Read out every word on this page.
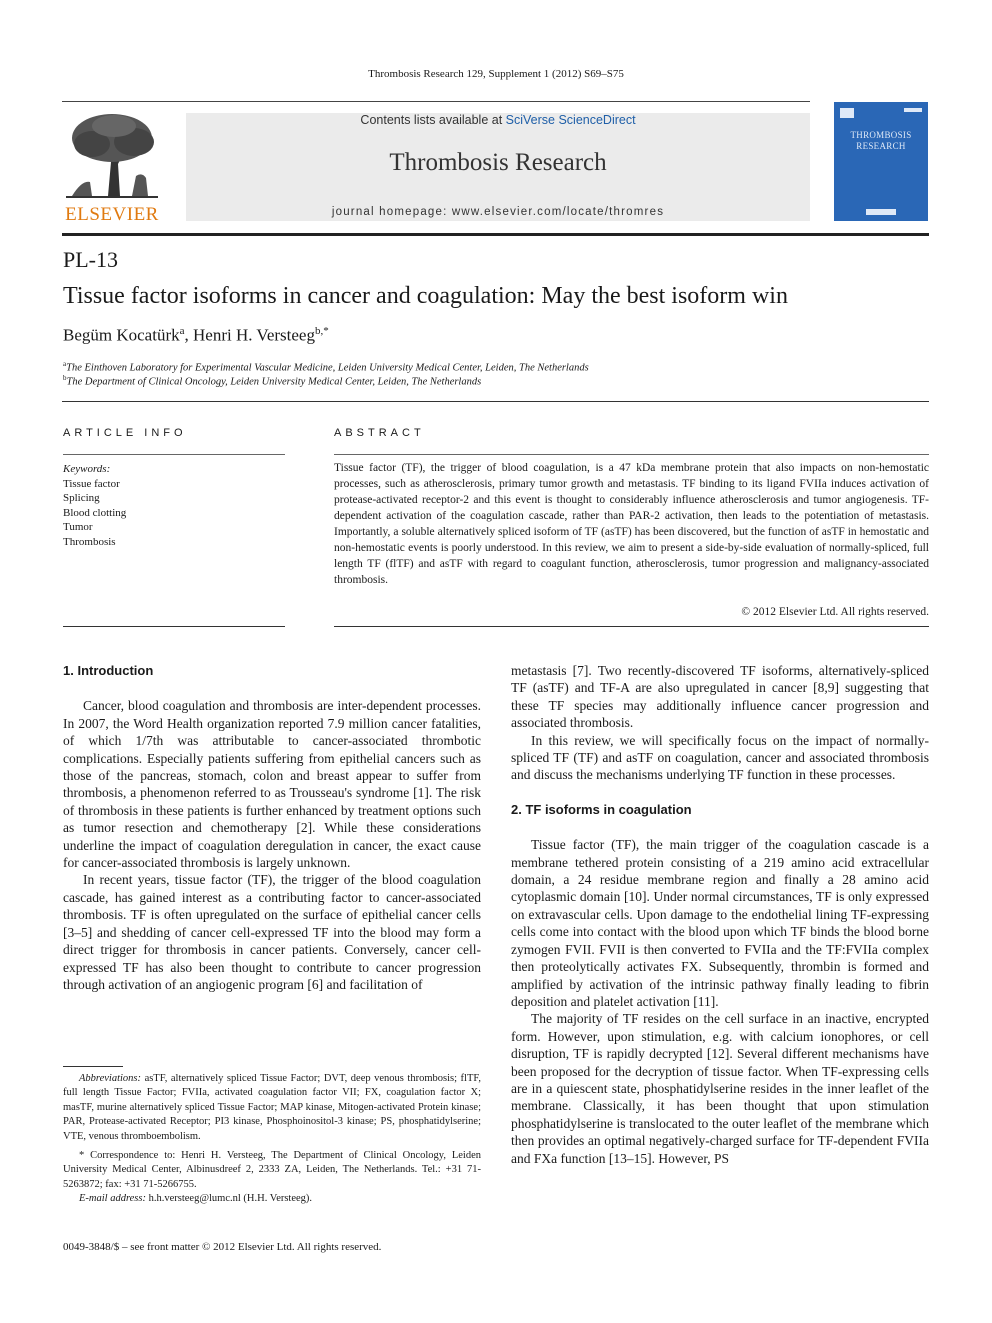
Thrombosis Research 129, Supplement 1 (2012) S69–S75
ELSEVIER
Contents lists available at SciVerse ScienceDirect
Thrombosis Research
journal homepage: www.elsevier.com/locate/thromres
THROMBOSIS
RESEARCH
PL-13
Tissue factor isoforms in cancer and coagulation: May the best isoform win
Begüm Kocatürk$^a$, Henri H. Versteeg$^{b,*}$
$^a$The Einthoven Laboratory for Experimental Vascular Medicine, Leiden University Medical Center, Leiden, The Netherlands
$^b$The Department of Clinical Oncology, Leiden University Medical Center, Leiden, The Netherlands
ARTICLE INFO
Keywords:
Tissue factor
Splicing
Blood clotting
Tumor
Thrombosis
ABSTRACT
Tissue factor (TF), the trigger of blood coagulation, is a 47 kDa membrane protein that also impacts on non-hemostatic processes, such as atherosclerosis, primary tumor growth and metastasis. TF binding to its ligand FVIIa induces activation of protease-activated receptor-2 and this event is thought to considerably influence atherosclerosis and tumor angiogenesis. TF-dependent activation of the coagulation cascade, rather than PAR-2 activation, then leads to the potentiation of metastasis. Importantly, a soluble alternatively spliced isoform of TF (asTF) has been discovered, but the function of asTF in hemostatic and non-hemostatic events is poorly understood. In this review, we aim to present a side-by-side evaluation of normally-spliced, full length TF (flTF) and asTF with regard to coagulant function, atherosclerosis, tumor progression and malignancy-associated thrombosis.
© 2012 Elsevier Ltd. All rights reserved.
1. Introduction

Cancer, blood coagulation and thrombosis are inter-dependent processes. In 2007, the Word Health organization reported 7.9 million cancer fatalities, of which 1/7th was attributable to cancer-associated thrombotic complications. Especially patients suffering from epithelial cancers such as those of the pancreas, stomach, colon and breast appear to suffer from thrombosis, a phenomenon referred to as Trousseau's syndrome [1]. The risk of thrombosis in these patients is further enhanced by treatment options such as tumor resection and chemotherapy [2]. While these considerations underline the impact of coagulation deregulation in cancer, the exact cause for cancer-associated thrombosis is largely unknown.

In recent years, tissue factor (TF), the trigger of the blood coagulation cascade, has gained interest as a contributing factor to cancer-associated thrombosis. TF is often upregulated on the surface of epithelial cancer cells [3–5] and shedding of cancer cell-expressed TF into the blood may form a direct trigger for thrombosis in cancer patients. Conversely, cancer cell-expressed TF has also been thought to contribute to cancer progression through activation of an angiogenic program [6] and facilitation of

Abbreviations: asTF, alternatively spliced Tissue Factor; DVT, deep venous thrombosis; flTF, full length Tissue Factor; FVIIa, activated coagulation factor VII; FX, coagulation factor X; masTF, murine alternatively spliced Tissue Factor; MAP kinase, Mitogen-activated Protein kinase; PAR, Protease-activated Receptor; PI3 kinase, Phosphoinositol-3 kinase; PS, phosphatidylserine; VTE, venous thromboembolism.

* Correspondence to: Henri H. Versteeg, The Department of Clinical Oncology, Leiden University Medical Center, Albinusdreef 2, 2333 ZA, Leiden, The Netherlands. Tel.: +31 71-5263872; fax: +31 71-5266755.

E-mail address: h.h.versteeg@lumc.nl (H.H. Versteeg).

0049-3848/$ – see front matter © 2012 Elsevier Ltd. All rights reserved.

metastasis [7]. Two recently-discovered TF isoforms, alternatively-spliced TF (asTF) and TF-A are also upregulated in cancer [8,9] suggesting that these TF species may additionally influence cancer progression and associated thrombosis.

In this review, we will specifically focus on the impact of normally-spliced TF (TF) and asTF on coagulation, cancer and associated thrombosis and discuss the mechanisms underlying TF function in these processes.

2. TF isoforms in coagulation

Tissue factor (TF), the main trigger of the coagulation cascade is a membrane tethered protein consisting of a 219 amino acid extracellular domain, a 24 residue membrane region and finally a 28 amino acid cytoplasmic domain [10]. Under normal circumstances, TF is only expressed on extravascular cells. Upon damage to the endothelial lining TF-expressing cells come into contact with the blood upon which TF binds the blood borne zymogen FVII. FVII is then converted to FVIIa and the TF:FVIIa complex then proteolytically activates FX. Subsequently, thrombin is formed and amplified by activation of the intrinsic pathway finally leading to fibrin deposition and platelet activation [11].

The majority of TF resides on the cell surface in an inactive, encrypted form. However, upon stimulation, e.g. with calcium ionophores, or cell disruption, TF is rapidly decrypted [12]. Several different mechanisms have been proposed for the decryption of tissue factor. When TF-expressing cells are in a quiescent state, phosphatidylserine resides in the inner leaflet of the membrane. Classically, it has been thought that upon stimulation phosphatidylserine is translocated to the outer leaflet of the membrane which then provides an optimal negatively-charged surface for TF-dependent FVIIa and FXa function [13–15]. However, PS
